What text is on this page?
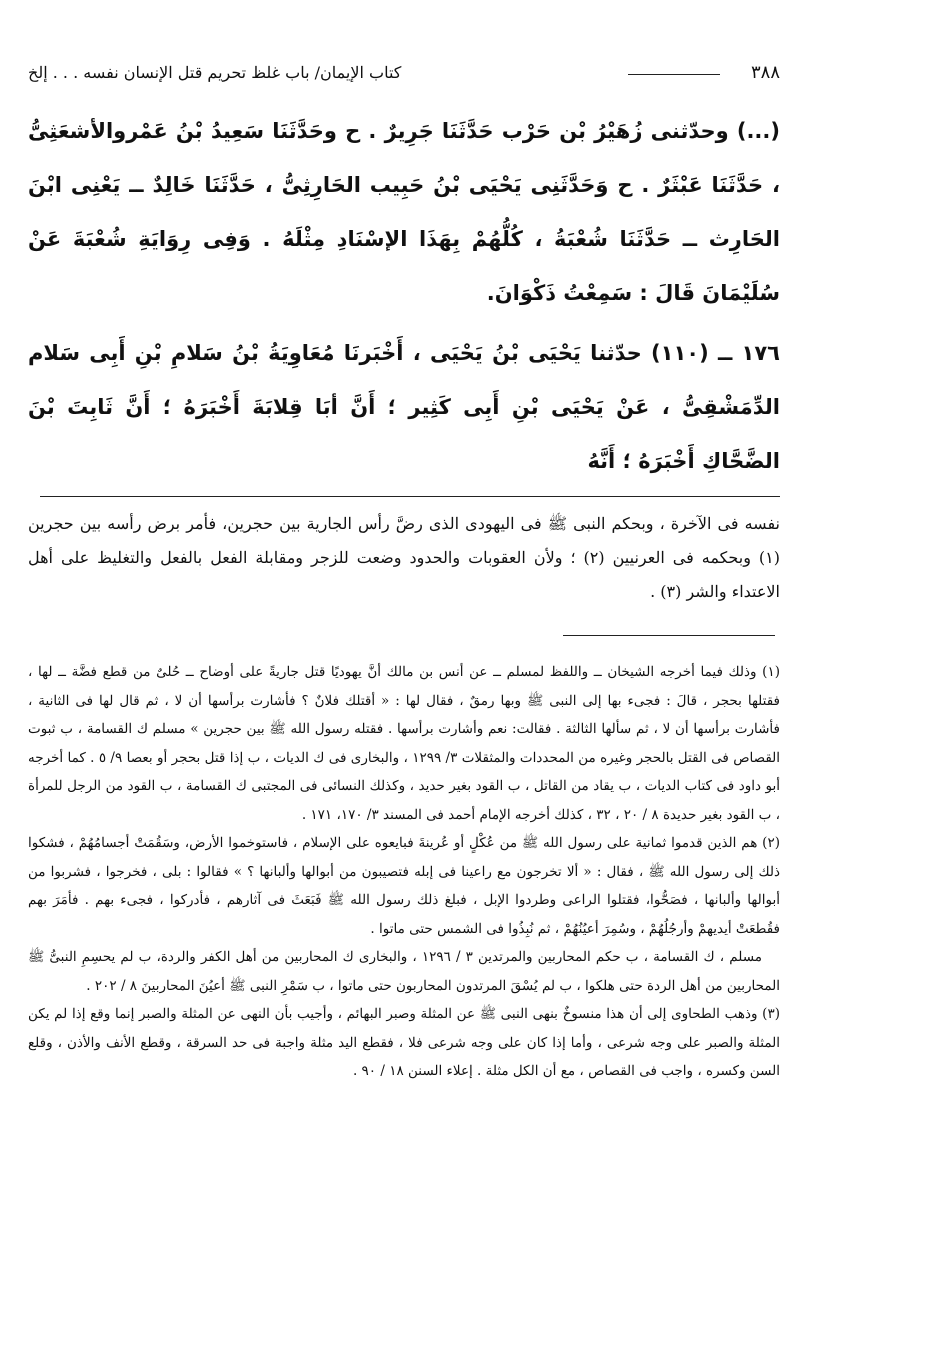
٣٨٨
كتاب الإيمان/ باب غلظ تحريم قتل الإنسان نفسه . . . إلخ

(...) وحدّثنى زُهَيْرُ بْن حَرْب حَدَّثَنَا جَرِيرٌ . ح وحَدَّثَنَا سَعِيدُ بْنُ عَمْروالأشعَثِىُّ ، حَدَّثَنَا عَبْثَرٌ . ح وَحَدَّثَنِى يَحْيَى بْنُ حَبِيب الحَارِثِىُّ ، حَدَّثَنَا خَالِدٌ ــ يَعْنِى ابْنَ الحَارِث ــ حَدَّثَنَا شُعْبَةُ ، كُلُّهُمْ بِهَذَا الإسْنَادِ مِثْلَهُ . وَفِى رِوَايَةِ شُعْبَةَ عَنْ سُلَيْمَانَ قَالَ : سَمِعْتُ ذَكْوَانَ.

١٧٦ ــ (١١٠) حدّثنا يَحْيَى بْنُ يَحْيَى ، أَخْبَرنَا مُعَاوِيَةُ بْنُ سَلامِ بْنِ أَبِى سَلام الدِّمَشْقِىُّ ، عَنْ يَحْيَى بْنِ أَبِى كَثِير ؛ أَنَّ أبَا قِلابَةَ أَخْبَرَهُ ؛ أَنَّ ثَابِتَ بْنَ الضَّحَّاكِ أَخْبَرَهُ ؛ أَنَّهُ

نفسه فى الآخرة ، وبحكم النبى ﷺ فى اليهودى الذى رضَّ رأس الجارية بين حجرين، فأمر برض رأسه بين حجرين (١) وبحكمه فى العرنيين (٢) ؛ ولأن العقوبات والحدود وضعت للزجر ومقابلة الفعل بالفعل والتغليظ على أهل الاعتداء والشر (٣) .

(١) وذلك فيما أخرجه الشيخان ــ واللفظ لمسلم ــ عن أنس بن مالك أنَّ يهوديًا قتل جاريةً على أوضاح ــ حُلىٌ من قطع فضَّة ــ لها ، فقتلها بحجر ، قالَ : فجىء بها إلى النبى ﷺ وبها رمقٌ ، فقال لها : « أقتلك فلانٌ ؟ فأشارت برأسها أن لا ، ثم قال لها فى الثانية ، فأشارت برأسها أن لا ، ثم سألها الثالثة . فقالت: نعم وأشارت برأسها . فقتله رسول الله ﷺ بين حجرين » مسلم ك القسامة ، ب ثبوت القصاص فى القتل بالحجر وغيره من المحددات والمثقلات ٣/ ١٢٩٩ ، والبخارى فى ك الديات ، ب إذا قتل بحجر أو بعصا ٩/ ٥ . كما أخرجه أبو داود فى كتاب الديات ، ب يقاد من القاتل ، ب القود بغير حديد ، وكذلك النسائى فى المجتبى ك القسامة ، ب القود من الرجل للمرأة ، ب القود بغير حديدة ٨ / ٢٠ ، ٣٢ ، كذلك أخرجه الإمام أحمد فى المسند ٣/ ١٧٠، ١٧١ .

(٢) هم الذين قدموا ثمانية على رسول الله ﷺ من عُكْلٍ أو عُرينةَ فبايعوه على الإسلام ، فاستوخموا الأرض، وسَقُمَتْ أجسامُهُمْ ، فشكوا ذلك إلى رسول الله ﷺ ، فقال : « ألا تخرجون مع راعينا فى إبله فتصيبون من أبوالها وألبانها ؟ » فقالوا : بلى ، فخرجوا ، فشربوا من أبوالها وألبانها ، فصَحُّوا، فقتلوا الراعى وطردوا الإبل ، فبلغ ذلك رسول الله ﷺ فَبَعَثَ فى آثارهم ، فأدركوا ، فجىء بهم . فأمَرَ بهم فقُطعَتْ أيديهمْ وأرجُلُهُمْ ، وسُمِرَ أعيُنُهُمْ ، ثم نُبِذُوا فى الشمس حتى ماتوا .

مسلم ، ك القسامة ، ب حكم المحاربين والمرتدين ٣ / ١٢٩٦ ، والبخارى ك المحاربين من أهل الكفر والردة، ب لم يحسِمِ النبىُّ ﷺ المحاربين من أهل الردة حتى هلكوا ، ب لم يُسْقَ المرتدون المحاربون حتى ماتوا ، ب سَمْرِ النبى ﷺ أعيُنَ المحاربينَ ٨ / ٢٠٢ .

(٣) وذهب الطحاوى إلى أن هذا منسوخٌ بنهى النبى ﷺ عن المثلة وصبر البهائم ، وأجيب بأن النهى عن المثلة والصبر إنما وقع إذا لم يكن المثلة والصبر على وجه شرعى ، وأما إذا كان على وجه شرعى فلا ، فقطع اليد مثلة واجبة فى حد السرقة ، وقطع الأنف والأذن ، وقلع السن وكسره ، واجب فى القصاص ، مع أن الكل مثلة . إعلاء السنن ١٨ / ٩٠ .
